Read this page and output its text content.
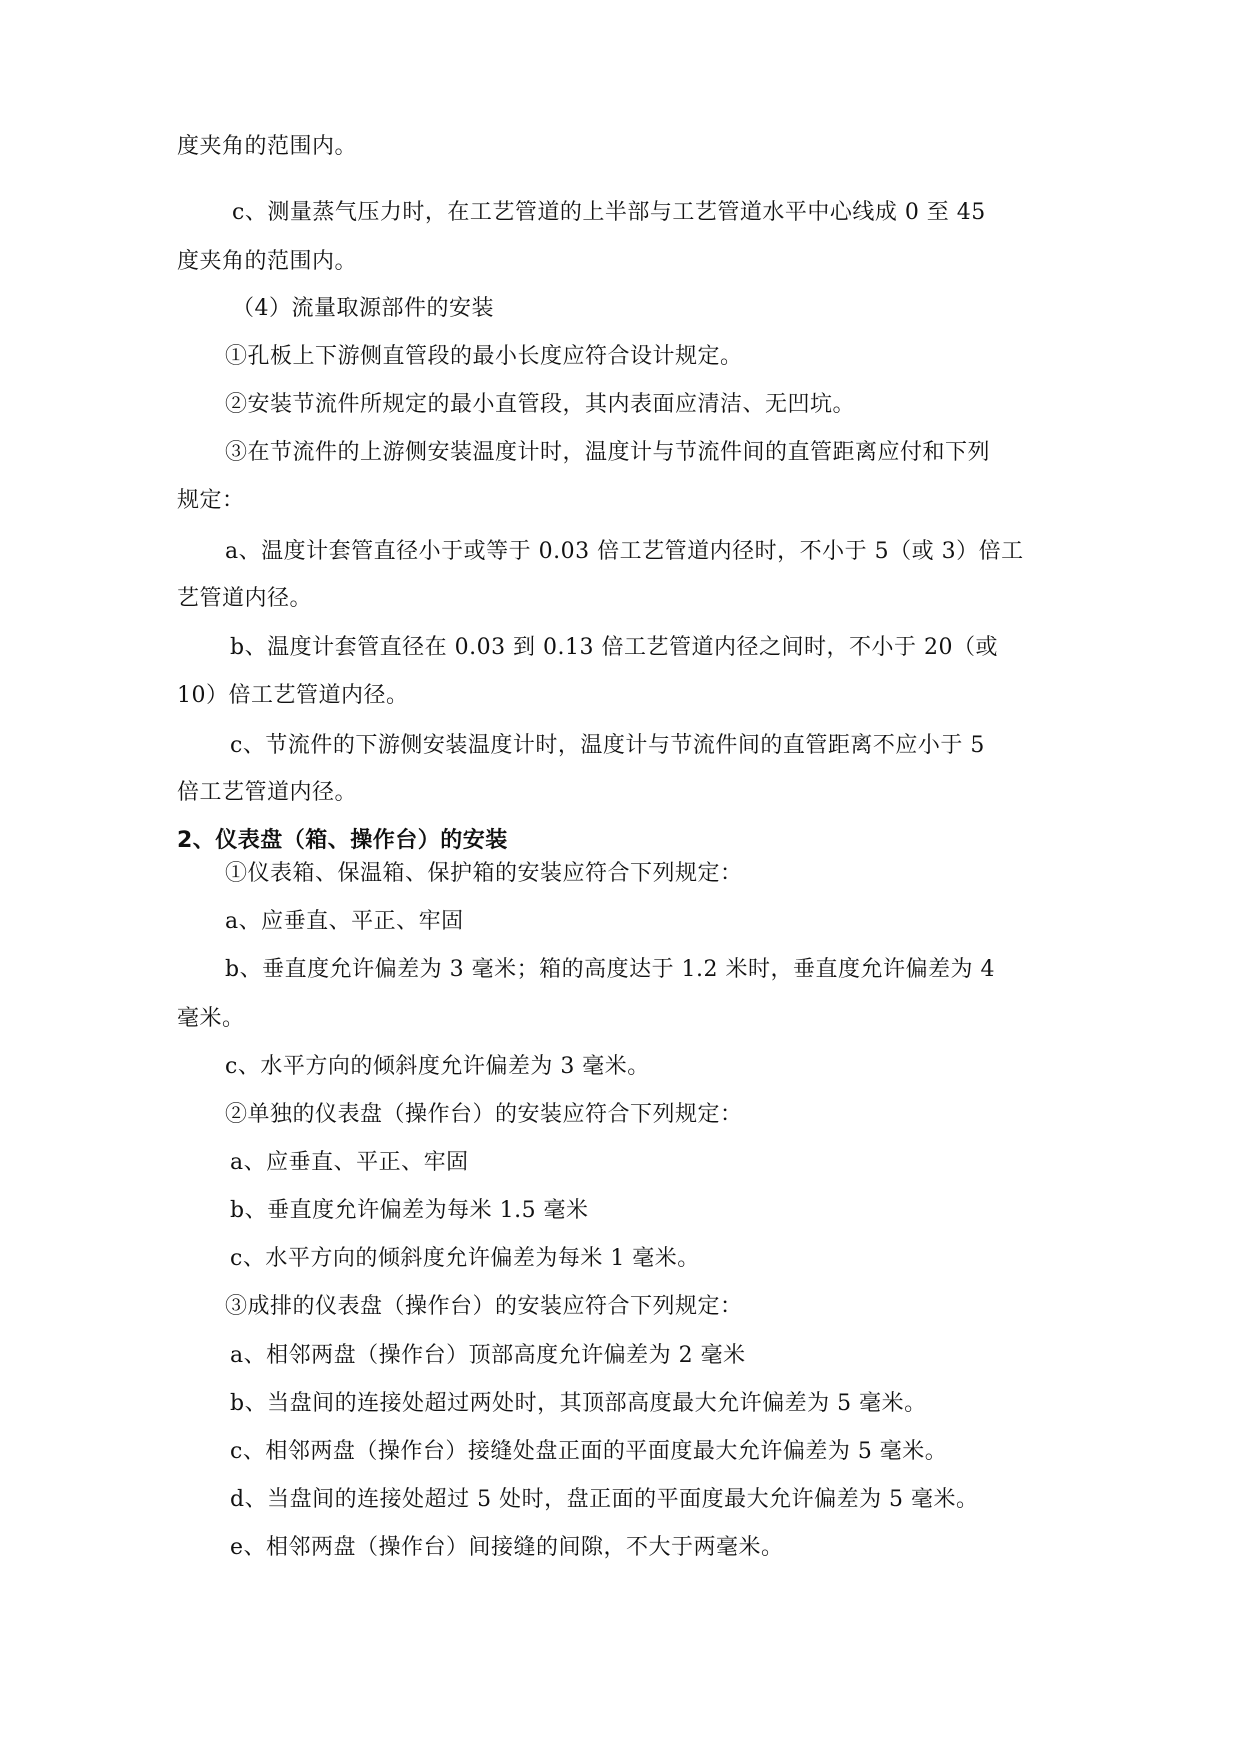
度夹角的范围内。
c、测量蒸气压力时，在工艺管道的上半部与工艺管道水平中心线成 0 至 45
度夹角的范围内。
（4）流量取源部件的安装
①孔板上下游侧直管段的最小长度应符合设计规定。
②安装节流件所规定的最小直管段，其内表面应清洁、无凹坑。
③在节流件的上游侧安装温度计时，温度计与节流件间的直管距离应付和下列
规定：
a、温度计套管直径小于或等于 0.03 倍工艺管道内径时，不小于 5（或 3）倍工
艺管道内径。
b、温度计套管直径在 0.03 到 0.13 倍工艺管道内径之间时，不小于 20（或
10）倍工艺管道内径。
c、节流件的下游侧安装温度计时，温度计与节流件间的直管距离不应小于 5
倍工艺管道内径。
2、仪表盘（箱、操作台）的安装
①仪表箱、保温箱、保护箱的安装应符合下列规定：
a、应垂直、平正、牢固
b、垂直度允许偏差为 3 毫米；箱的高度达于 1.2 米时，垂直度允许偏差为 4
毫米。
c、水平方向的倾斜度允许偏差为 3 毫米。
②单独的仪表盘（操作台）的安装应符合下列规定：
a、应垂直、平正、牢固
b、垂直度允许偏差为每米 1.5 毫米
c、水平方向的倾斜度允许偏差为每米 1 毫米。
③成排的仪表盘（操作台）的安装应符合下列规定：
a、相邻两盘（操作台）顶部高度允许偏差为 2 毫米
b、当盘间的连接处超过两处时，其顶部高度最大允许偏差为 5 毫米。
c、相邻两盘（操作台）接缝处盘正面的平面度最大允许偏差为 5 毫米。
d、当盘间的连接处超过 5 处时，盘正面的平面度最大允许偏差为 5 毫米。
e、相邻两盘（操作台）间接缝的间隙，不大于两毫米。
